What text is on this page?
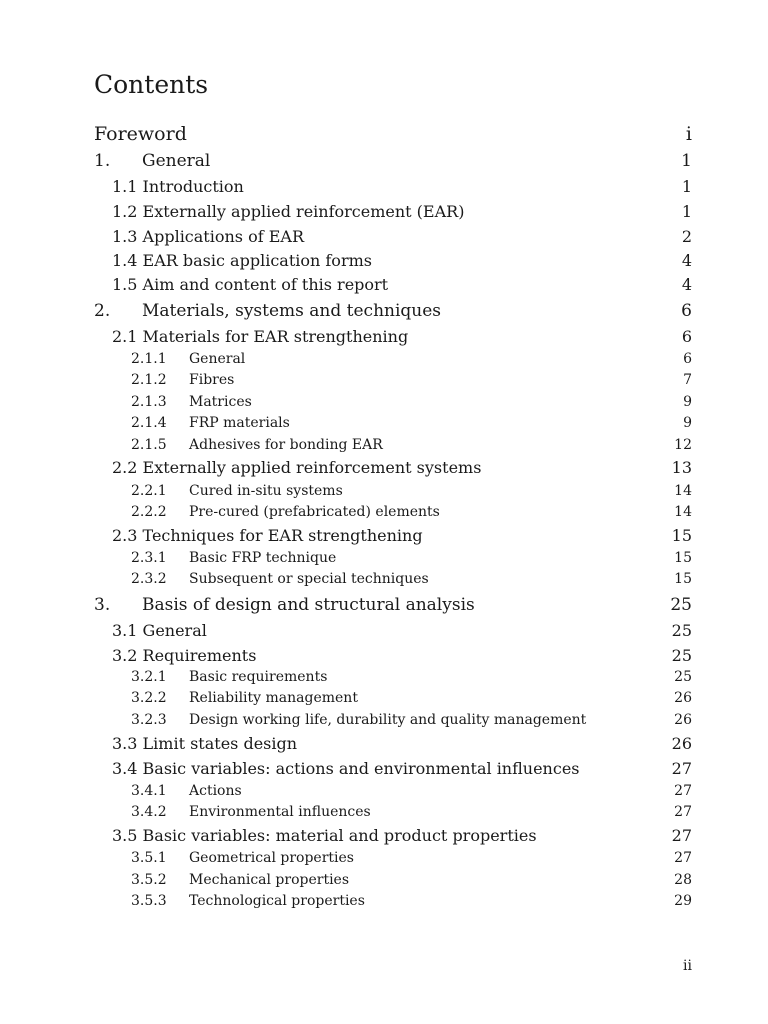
Contents
Foreword	i
1. General	1
1.1 Introduction	1
1.2 Externally applied reinforcement (EAR)	1
1.3 Applications of EAR	2
1.4 EAR basic application forms	4
1.5 Aim and content of this report	4
2. Materials, systems and techniques	6
2.1 Materials for EAR strengthening	6
2.1.1 General	6
2.1.2 Fibres	7
2.1.3 Matrices	9
2.1.4 FRP materials	9
2.1.5 Adhesives for bonding EAR	12
2.2 Externally applied reinforcement systems	13
2.2.1 Cured in-situ systems	14
2.2.2 Pre-cured (prefabricated) elements	14
2.3 Techniques for EAR strengthening	15
2.3.1 Basic FRP technique	15
2.3.2 Subsequent or special techniques	15
3. Basis of design and structural analysis	25
3.1 General	25
3.2 Requirements	25
3.2.1 Basic requirements	25
3.2.2 Reliability management	26
3.2.3 Design working life, durability and quality management	26
3.3 Limit states design	26
3.4 Basic variables: actions and environmental influences	27
3.4.1 Actions	27
3.4.2 Environmental influences	27
3.5 Basic variables: material and product properties	27
3.5.1 Geometrical properties	27
3.5.2 Mechanical properties	28
3.5.3 Technological properties	29
ii
